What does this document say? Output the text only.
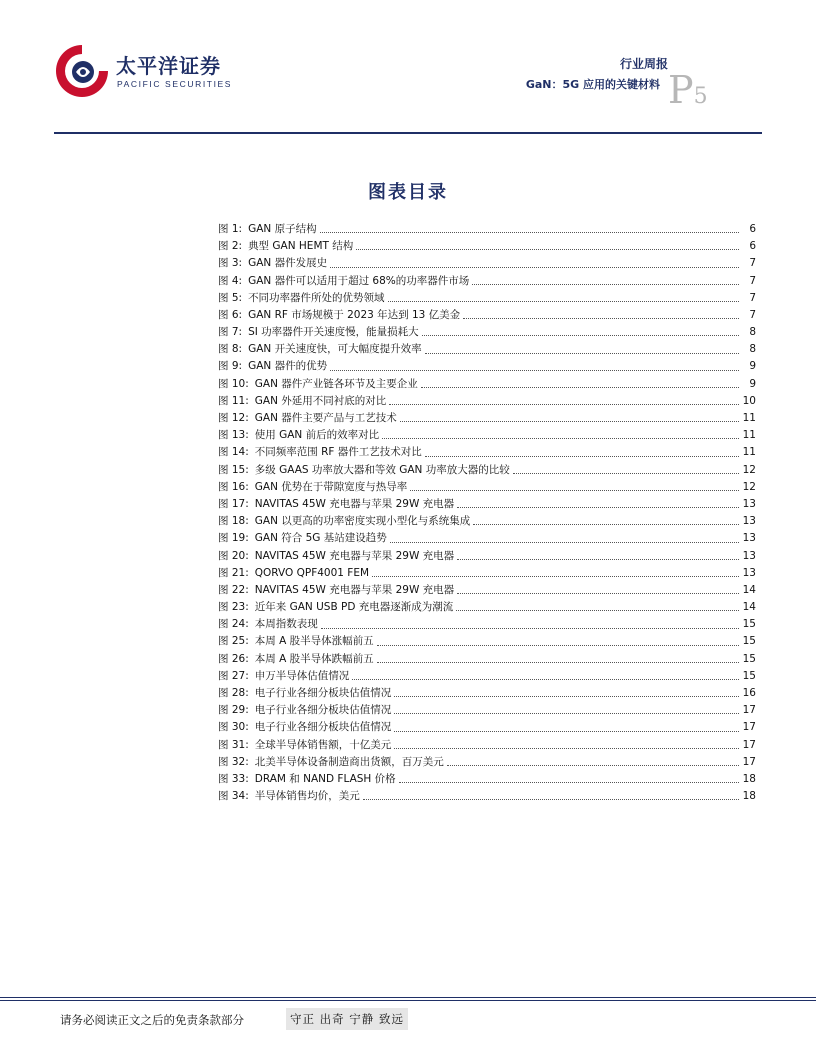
太平洋证券
PACIFIC SECURITIES
行业周报
GaN：5G 应用的关键材料 P5
图表目录
图 1: GAN 原子结构	6
图 2: 典型 GAN HEMT 结构	6
图 3: GAN 器件发展史	7
图 4: GAN 器件可以适用于超过 68%的功率器件市场	7
图 5: 不同功率器件所处的优势领域	7
图 6: GAN RF 市场规模于 2023 年达到 13 亿美金	7
图 7: SI 功率器件开关速度慢，能量损耗大	8
图 8: GAN 开关速度快，可大幅度提升效率	8
图 9: GAN 器件的优势	9
图 10: GAN 器件产业链各环节及主要企业	9
图 11: GAN 外延用不同衬底的对比	10
图 12: GAN 器件主要产品与工艺技术	11
图 13: 使用 GAN 前后的效率对比	11
图 14: 不同频率范围 RF 器件工艺技术对比	11
图 15: 多级 GAAS 功率放大器和等效 GAN 功率放大器的比较	12
图 16: GAN 优势在于带隙宽度与热导率	12
图 17: NAVITAS 45W 充电器与苹果 29W 充电器	13
图 18: GAN 以更高的功率密度实现小型化与系统集成	13
图 19: GAN 符合 5G 基站建设趋势	13
图 20: NAVITAS 45W 充电器与苹果 29W 充电器	13
图 21: QORVO QPF4001 FEM	13
图 22: NAVITAS 45W 充电器与苹果 29W 充电器	14
图 23: 近年来 GAN USB PD 充电器逐渐成为潮流	14
图 24: 本周指数表现	15
图 25: 本周 A 股半导体涨幅前五	15
图 26: 本周 A 股半导体跌幅前五	15
图 27: 申万半导体估值情况	15
图 28: 电子行业各细分板块估值情况	16
图 29: 电子行业各细分板块估值情况	17
图 30: 电子行业各细分板块估值情况	17
图 31: 全球半导体销售额，十亿美元	17
图 32: 北美半导体设备制造商出货额，百万美元	17
图 33: DRAM 和 NAND FLASH 价格	18
图 34: 半导体销售均价，美元	18
请务必阅读正文之后的免责条款部分	守正 出奇 宁静 致远
